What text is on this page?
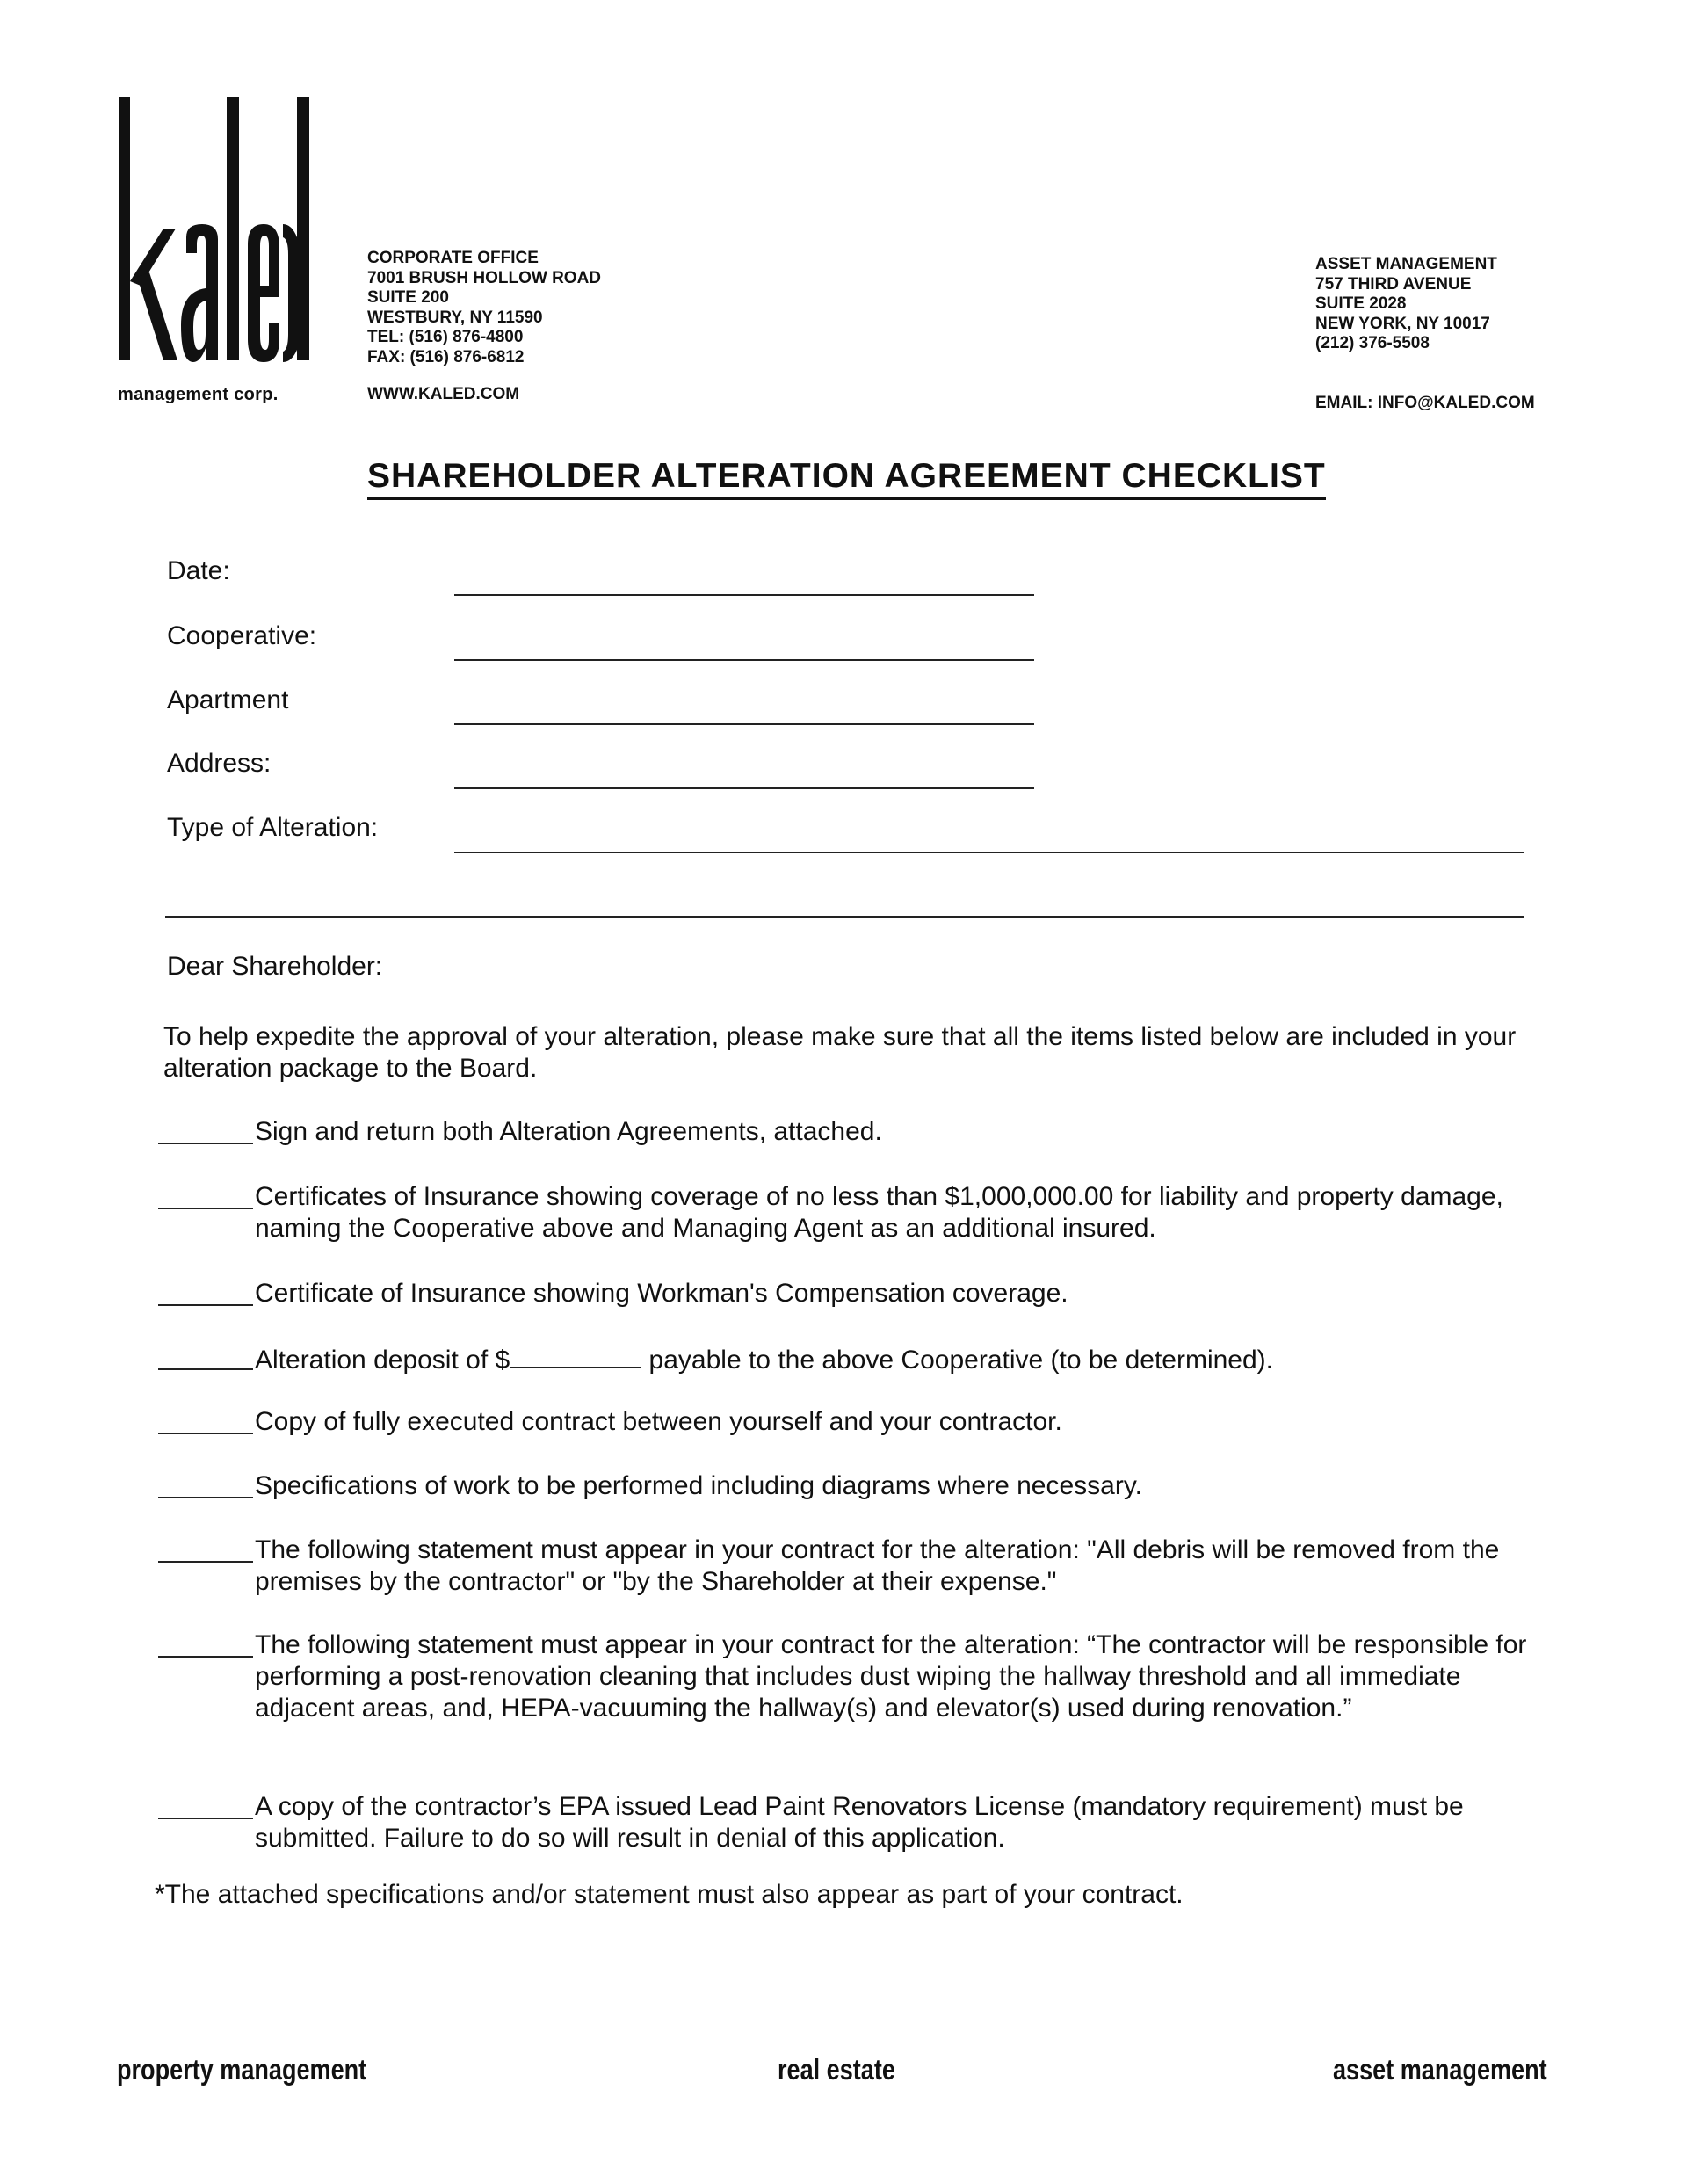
management corp.
CORPORATE OFFICE
7001 BRUSH HOLLOW ROAD
SUITE 200
WESTBURY, NY 11590
TEL: (516) 876-4800
FAX: (516) 876-6812
WWW.KALED.COM
ASSET MANAGEMENT
757 THIRD AVENUE
SUITE 2028
NEW YORK, NY 10017
(212) 376-5508
EMAIL: INFO@KALED.COM
SHAREHOLDER ALTERATION AGREEMENT CHECKLIST
Date:
Cooperative:
Apartment
Address:
Type of Alteration:
Dear Shareholder:
To help expedite the approval of your alteration, please make sure that all the items listed below are included in your alteration package to the Board.
Sign and return both Alteration Agreements, attached.
Certificates of Insurance showing coverage of no less than $1,000,000.00 for liability and property damage, naming the Cooperative above and Managing Agent as an additional insured.
Certificate of Insurance showing Workman's Compensation coverage.
Alteration deposit of $	payable to the above Cooperative (to be determined).
Copy of fully executed contract between yourself and your contractor.
Specifications of work to be performed including diagrams where necessary.
The following statement must appear in your contract for the alteration: "All debris will be removed from the premises by the contractor" or "by the Shareholder at their expense."
The following statement must appear in your contract for the alteration: “The contractor will be responsible for performing a post-renovation cleaning that includes dust wiping the hallway threshold and all immediate adjacent areas, and, HEPA-vacuuming the hallway(s) and elevator(s) used during renovation.”
A copy of the contractor’s EPA issued Lead Paint Renovators License (mandatory requirement) must be submitted. Failure to do so will result in denial of this application.
*The attached specifications and/or statement must also appear as part of your contract.
property management	real estate	asset management
